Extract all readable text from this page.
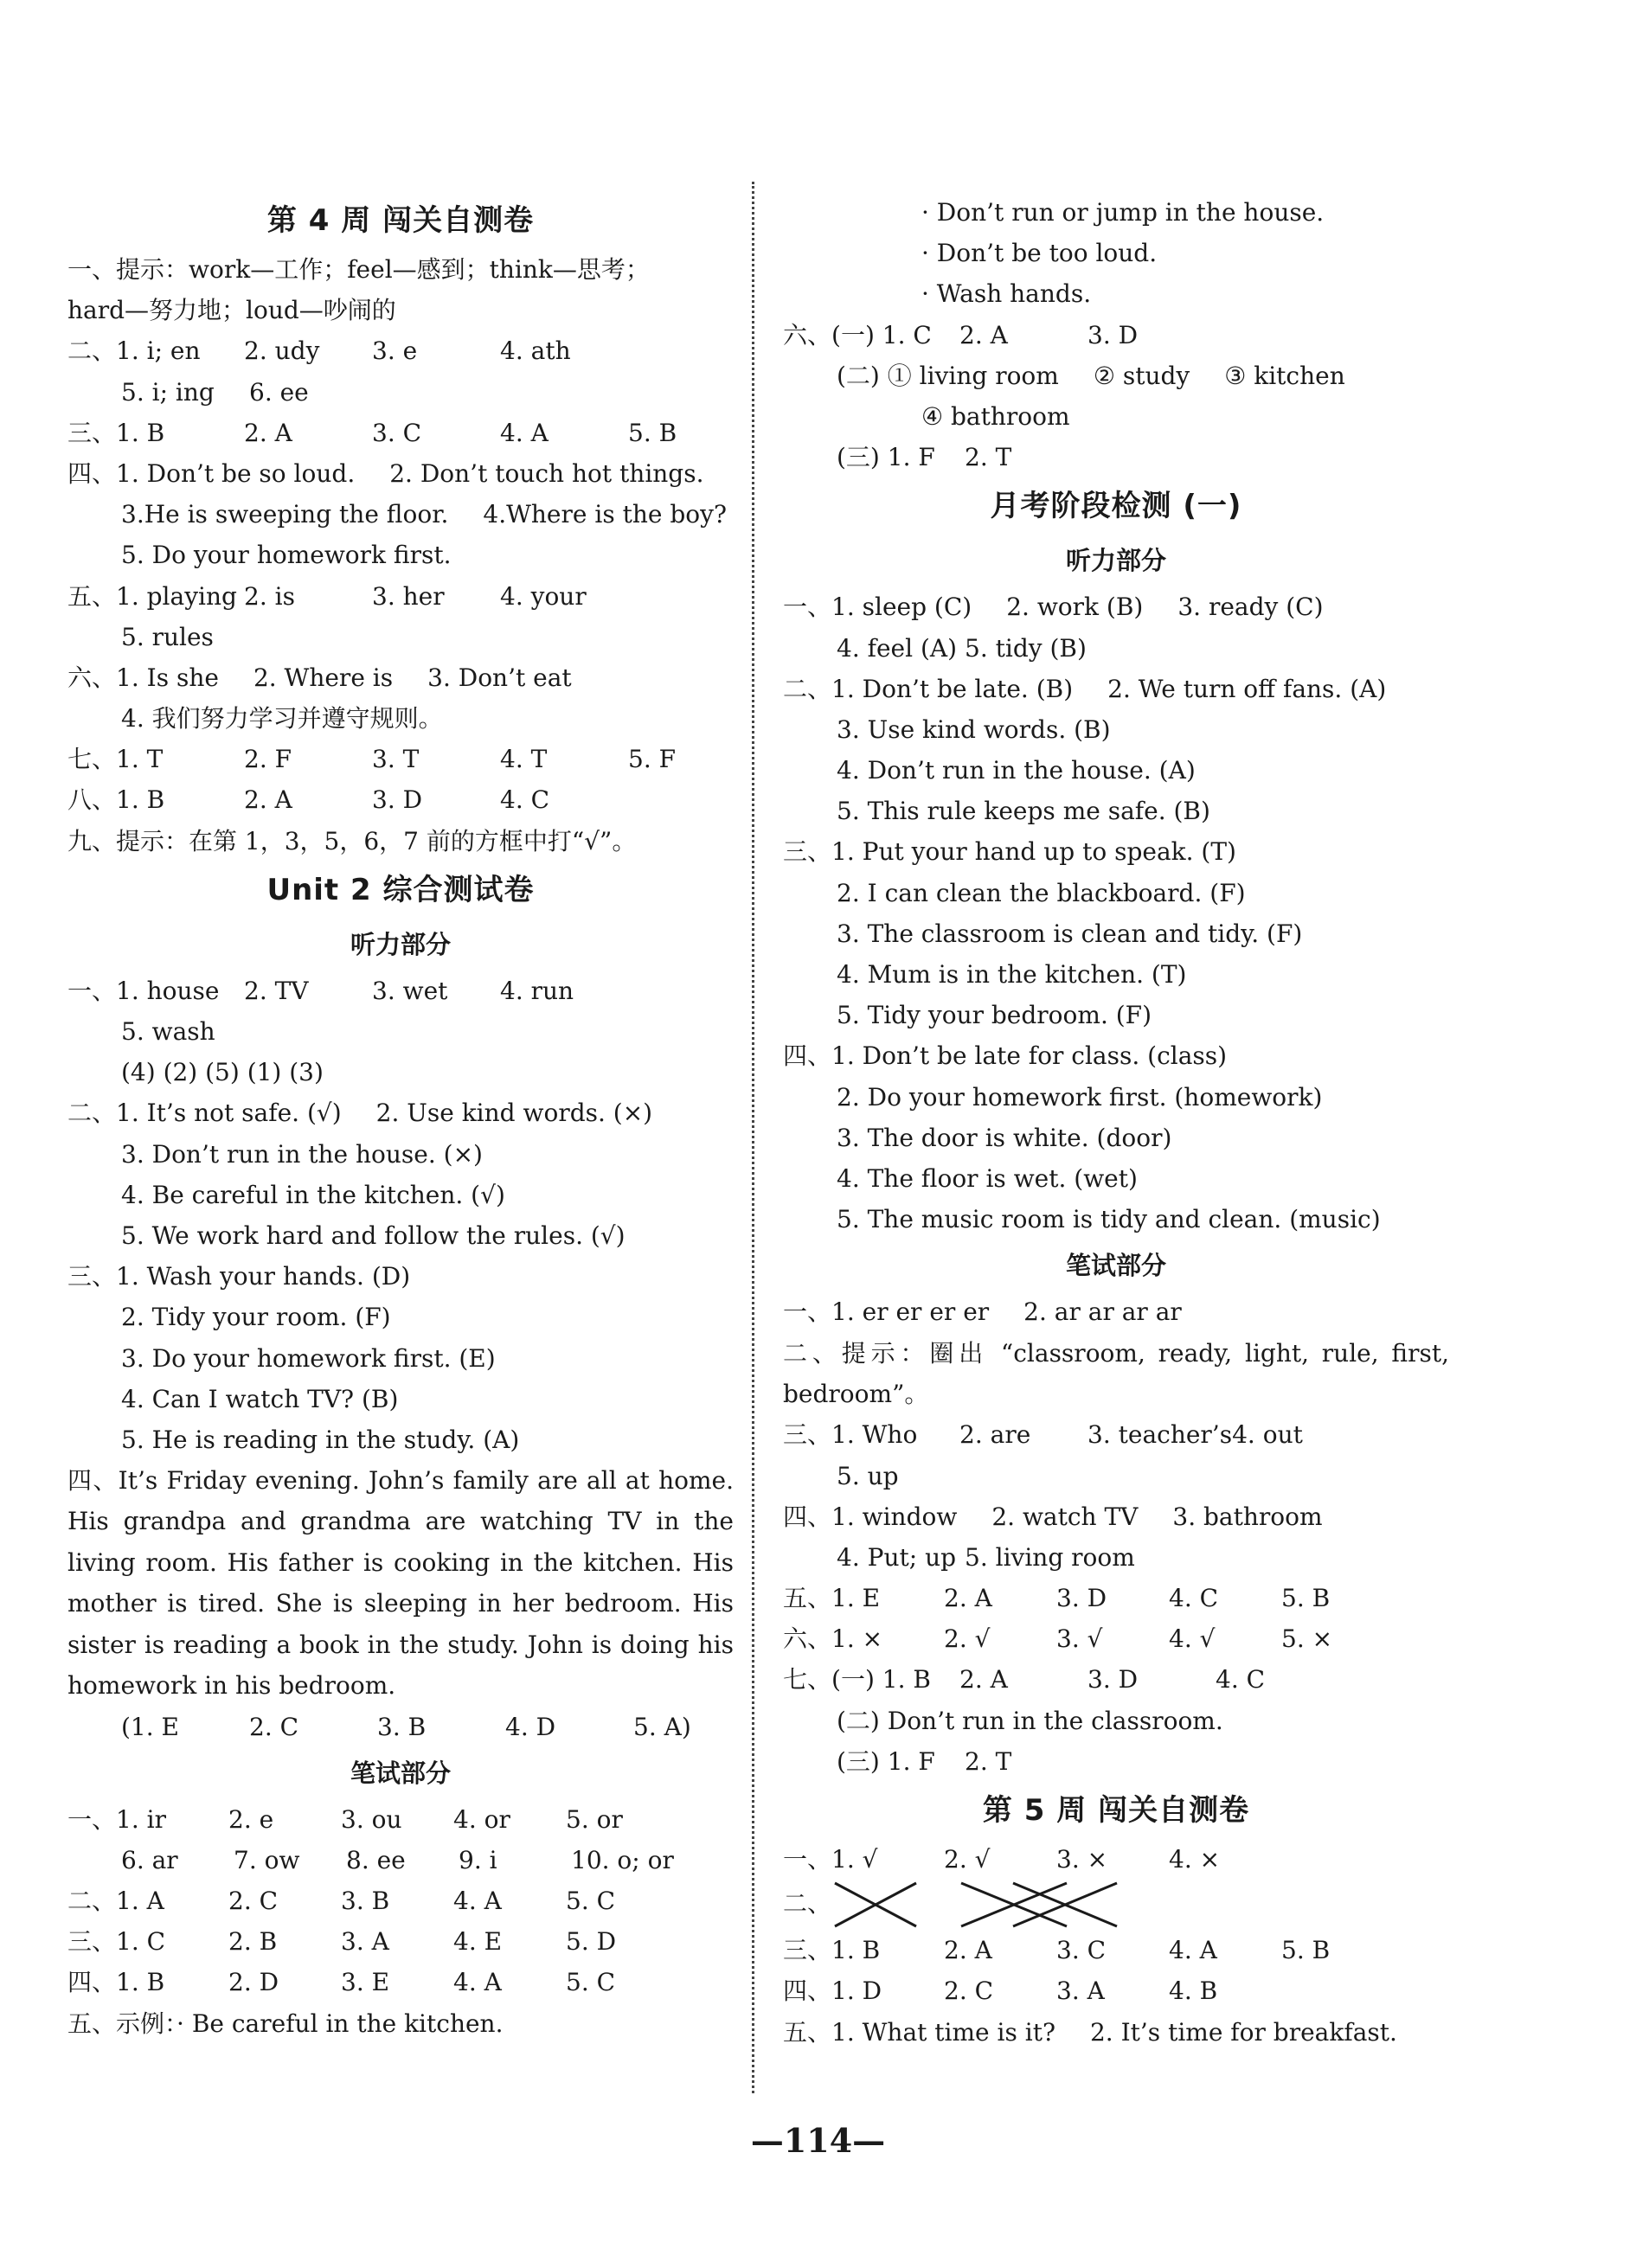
第 4 周 闯关自测卷
一、提示：work—工作；feel—感到；think—思考；
hard—努力地；loud—吵闹的
二、1. i; en 2. udy 3. e	4. ath
5. i; ing 6. ee
三、1. B	2. A	3. C	4. A	5. B
四、1. Don’t be so loud. 2. Don’t touch hot things.
3.He is sweeping the floor. 4.Where is the boy?
5. Do your homework first.
五、1. playing 2. is	3. her 4. your
5. rules
六、1. Is she 2. Where is 3. Don’t eat
4. 我们努力学习并遵守规则。
七、1. T	2. F	3. T	4. T	5. F
八、1. B	2. A	3. D	4. C
九、提示：在第 1，3，5，6，7 前的方框中打“√”。
Unit 2 综合测试卷
听力部分
一、1. house 2. TV	3. wet 4. run
5. wash
(4) (2) (5) (1) (3)
二、1. It’s not safe. (√) 2. Use kind words. (×)
3. Don’t run in the house. (×)
4. Be careful in the kitchen. (√)
5. We work hard and follow the rules. (√)
三、1. Wash your hands. (D)
2. Tidy your room. (F)
3. Do your homework first. (E)
4. Can I watch TV? (B)
5. He is reading in the study. (A)
四、It’s Friday evening. John’s family are all at home. His grandpa and grandma are watching TV in the living room. His father is cooking in the kitchen. His mother is tired. She is sleeping in her bedroom. His sister is reading a book in the study. John is doing his homework in his bedroom.
(1. E	2. C	3. B	4. D	5. A)
笔试部分
一、1. ir	2. e	3. ou 4. or 5. or
6. ar 7. ow 8. ee 9. i	10. o; or
二、1. A	2. C	3. B	4. A	5. C
三、1. C	2. B	3. A	4. E	5. D
四、1. B	2. D	3. E	4. A	5. C
五、示例：· Be careful in the kitchen.
· Don’t run or jump in the house.
· Don’t be too loud.
· Wash hands.
六、(一) 1. C 2. A	3. D
(二) ① living room ② study ③ kitchen
④ bathroom
(三) 1. F 2. T
月考阶段检测 (一)
听力部分
一、1. sleep (C) 2. work (B) 3. ready (C)
4. feel (A) 5. tidy (B)
二、1. Don’t be late. (B) 2. We turn off fans. (A)
3. Use kind words. (B)
4. Don’t run in the house. (A)
5. This rule keeps me safe. (B)
三、1. Put your hand up to speak. (T)
2. I can clean the blackboard. (F)
3. The classroom is clean and tidy. (F)
4. Mum is in the kitchen. (T)
5. Tidy your bedroom. (F)
四、1. Don’t be late for class. (class)
2. Do your homework first. (homework)
3. The door is white. (door)
4. The floor is wet. (wet)
5. The music room is tidy and clean. (music)
笔试部分
一、1. er er er er 2. ar ar ar ar
二、提示：圈出 “classroom, ready, light, rule, first, bedroom”。
三、1. Who 2. are 3. teacher’s4. out
5. up
四、1. window 2. watch TV 3. bathroom
4. Put; up 5. living room
五、1. E	2. A	3. D	4. C	5. B
六、1. ×	2. √	3. √	4. √	5. ×
七、(一) 1. B 2. A	3. D	4. C
(二) Don’t run in the classroom.
(三) 1. F 2. T
第 5 周 闯关自测卷
一、1. √	2. √	3. ×	4. ×
二、
三、1. B	2. A	3. C	4. A	5. B
四、1. D	2. C	3. A	4. B
五、1. What time is it? 2. It’s time for breakfast.
—114—
